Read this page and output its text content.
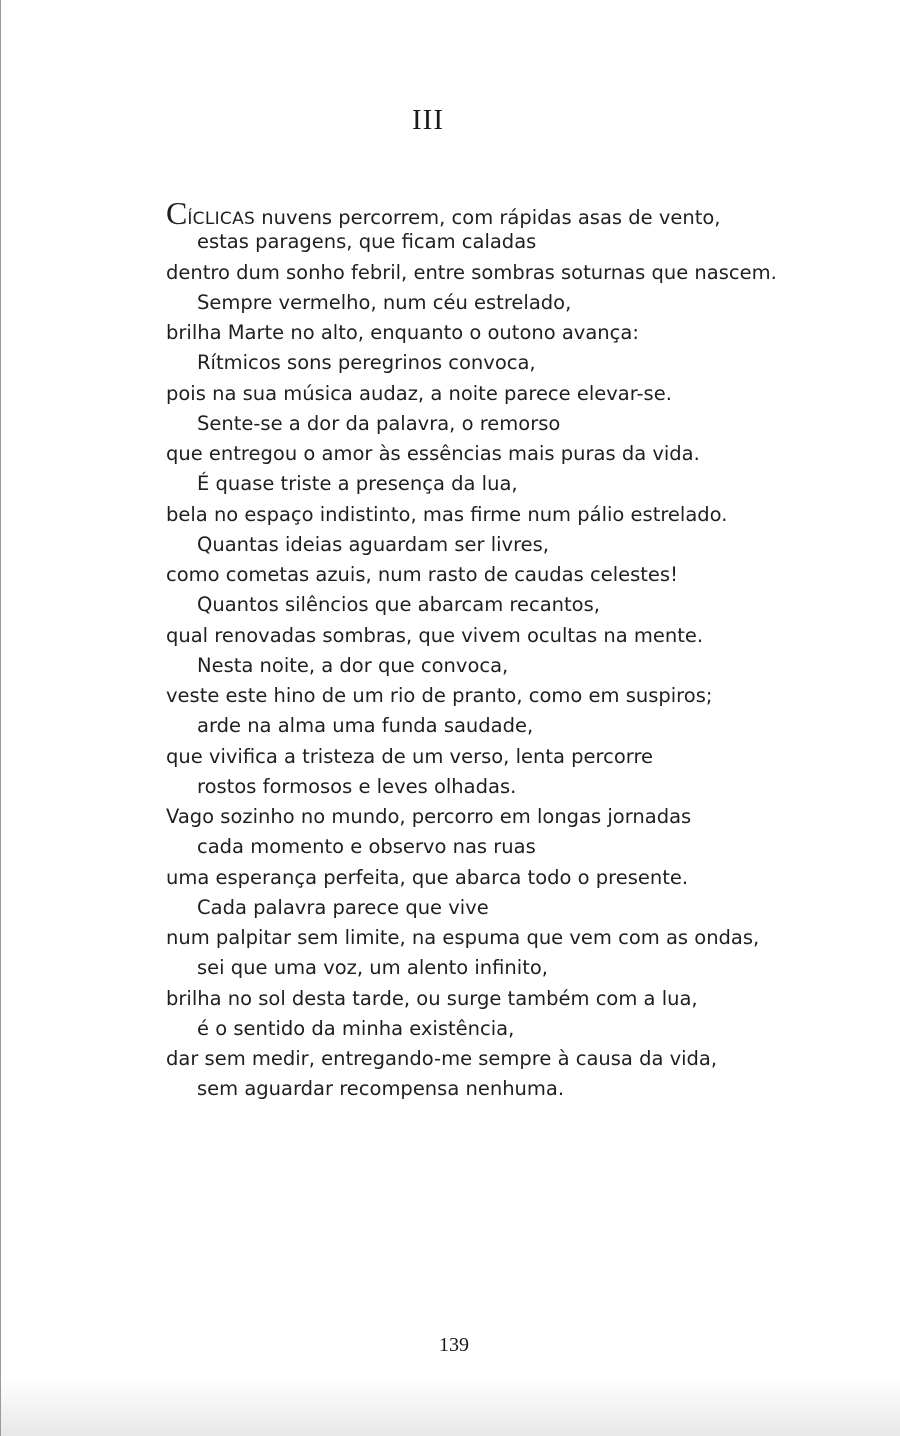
III
CÍCLICAS nuvens percorrem, com rápidas asas de vento,
estas paragens, que ficam caladas
dentro dum sonho febril, entre sombras soturnas que nascem.
Sempre vermelho, num céu estrelado,
brilha Marte no alto, enquanto o outono avança:
Rítmicos sons peregrinos convoca,
pois na sua música audaz, a noite parece elevar-se.
Sente-se a dor da palavra, o remorso
que entregou o amor às essências mais puras da vida.
É quase triste a presença da lua,
bela no espaço indistinto, mas firme num pálio estrelado.
Quantas ideias aguardam ser livres,
como cometas azuis, num rasto de caudas celestes!
Quantos silêncios que abarcam recantos,
qual renovadas sombras, que vivem ocultas na mente.
Nesta noite, a dor que convoca,
veste este hino de um rio de pranto, como em suspiros;
arde na alma uma funda saudade,
que vivifica a tristeza de um verso, lenta percorre
rostos formosos e leves olhadas.
Vago sozinho no mundo, percorro em longas jornadas
cada momento e observo nas ruas
uma esperança perfeita, que abarca todo o presente.
Cada palavra parece que vive
num palpitar sem limite, na espuma que vem com as ondas,
sei que uma voz, um alento infinito,
brilha no sol desta tarde, ou surge também com a lua,
é o sentido da minha existência,
dar sem medir, entregando-me sempre à causa da vida,
sem aguardar recompensa nenhuma.
139
